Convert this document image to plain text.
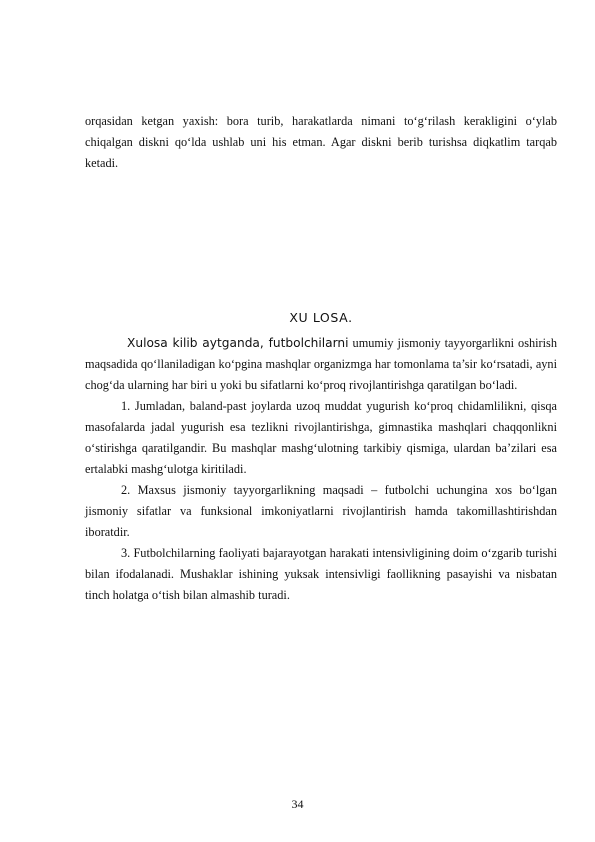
orqasidan ketgan yaxish: bora turib, harakatlarda nimani to‘g‘rilash kerakligini o‘ylab chiqalgan diskni qo‘lda ushlab uni his etman. Agar diskni berib turishsa diqkatlim tarqab ketadi.

XU LOSA.

Xulosa kilib aytganda, futbolchilarni umumiy jismoniy tayyorgarlikni oshirish maqsadida qo‘llaniladigan ko‘pgina mashqlar organizmga har tomonlama ta’sir ko‘rsatadi, ayni chog‘da ularning har biri u yoki bu sifatlarni ko‘proq rivojlantirishga qaratilgan bo‘ladi.

1. Jumladan, baland-past joylarda uzoq muddat yugurish ko‘proq chidamlilikni, qisqa masofalarda jadal yugurish esa tezlikni rivojlantirishga, gimnastika mashqlari chaqqonlikni o‘stirishga qaratilgandir. Bu mashqlar mashg‘ulotning tarkibiy qismiga, ulardan ba’zilari esa ertalabki mashg‘ulotga kiritiladi.

2. Maxsus jismoniy tayyorgarlikning maqsadi – futbolchi uchungina xos bo‘lgan jismoniy sifatlar va funksional imkoniyatlarni rivojlantirish hamda takomillashtirishdan iboratdir.

3. Futbolchilarning faoliyati bajarayotgan harakati intensivligining doim o‘zgarib turishi bilan ifodalanadi. Mushaklar ishining yuksak intensivligi faollikning pasayishi va nisbatan tinch holatga o‘tish bilan almashib turadi.

34
